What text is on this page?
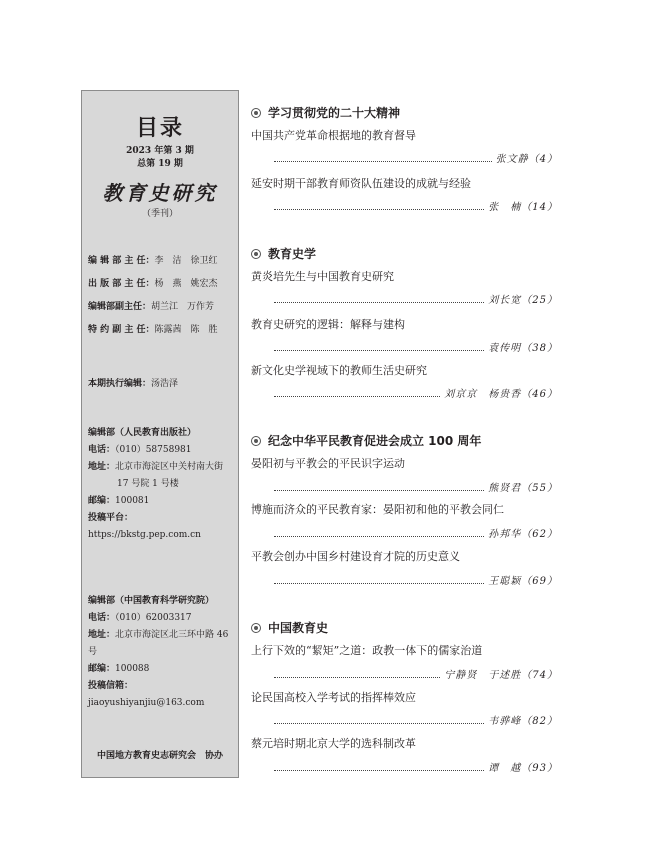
目录
2023 年第 3 期
总第 19 期
教育史研究
（季刊）
编 辑 部 主 任：李　洁　徐卫红
出 版 部 主 任：杨　燕　姚宏杰
编辑部副主任：胡兰江　万作芳
特 约 副 主 任：陈露茜　陈　胜
本期执行编辑：汤浩泽
编辑部（人民教育出版社）
电话：（010）58758981
地址：北京市海淀区中关村南大街
17 号院 1 号楼
邮编：100081
投稿平台：https://bkstg.pep.com.cn
编辑部（中国教育科学研究院）
电话：（010）62003317
地址：北京市海淀区北三环中路 46 号
邮编：100088
投稿信箱：jiaoyushiyanjiu@163.com
中国地方教育史志研究会　协办
学习贯彻党的二十大精神
中国共产党革命根据地的教育督导
张文静（4）
延安时期干部教育师资队伍建设的成就与经验
张　楠（14）
教育史学
黄炎培先生与中国教育史研究
刘长宽（25）
教育史研究的逻辑：解释与建构
袁传明（38）
新文化史学视域下的教师生活史研究
刘京京　杨贵香（46）
纪念中华平民教育促进会成立 100 周年
晏阳初与平教会的平民识字运动
熊贤君（55）
博施而济众的平民教育家：晏阳初和他的平教会同仁
孙邦华（62）
平教会创办中国乡村建设育才院的历史意义
王聪颖（69）
中国教育史
上行下效的“絜矩”之道：政教一体下的儒家治道
宁静贤　于述胜（74）
论民国高校入学考试的指挥棒效应
韦骅峰（82）
蔡元培时期北京大学的选科制改革
谭　越（93）
